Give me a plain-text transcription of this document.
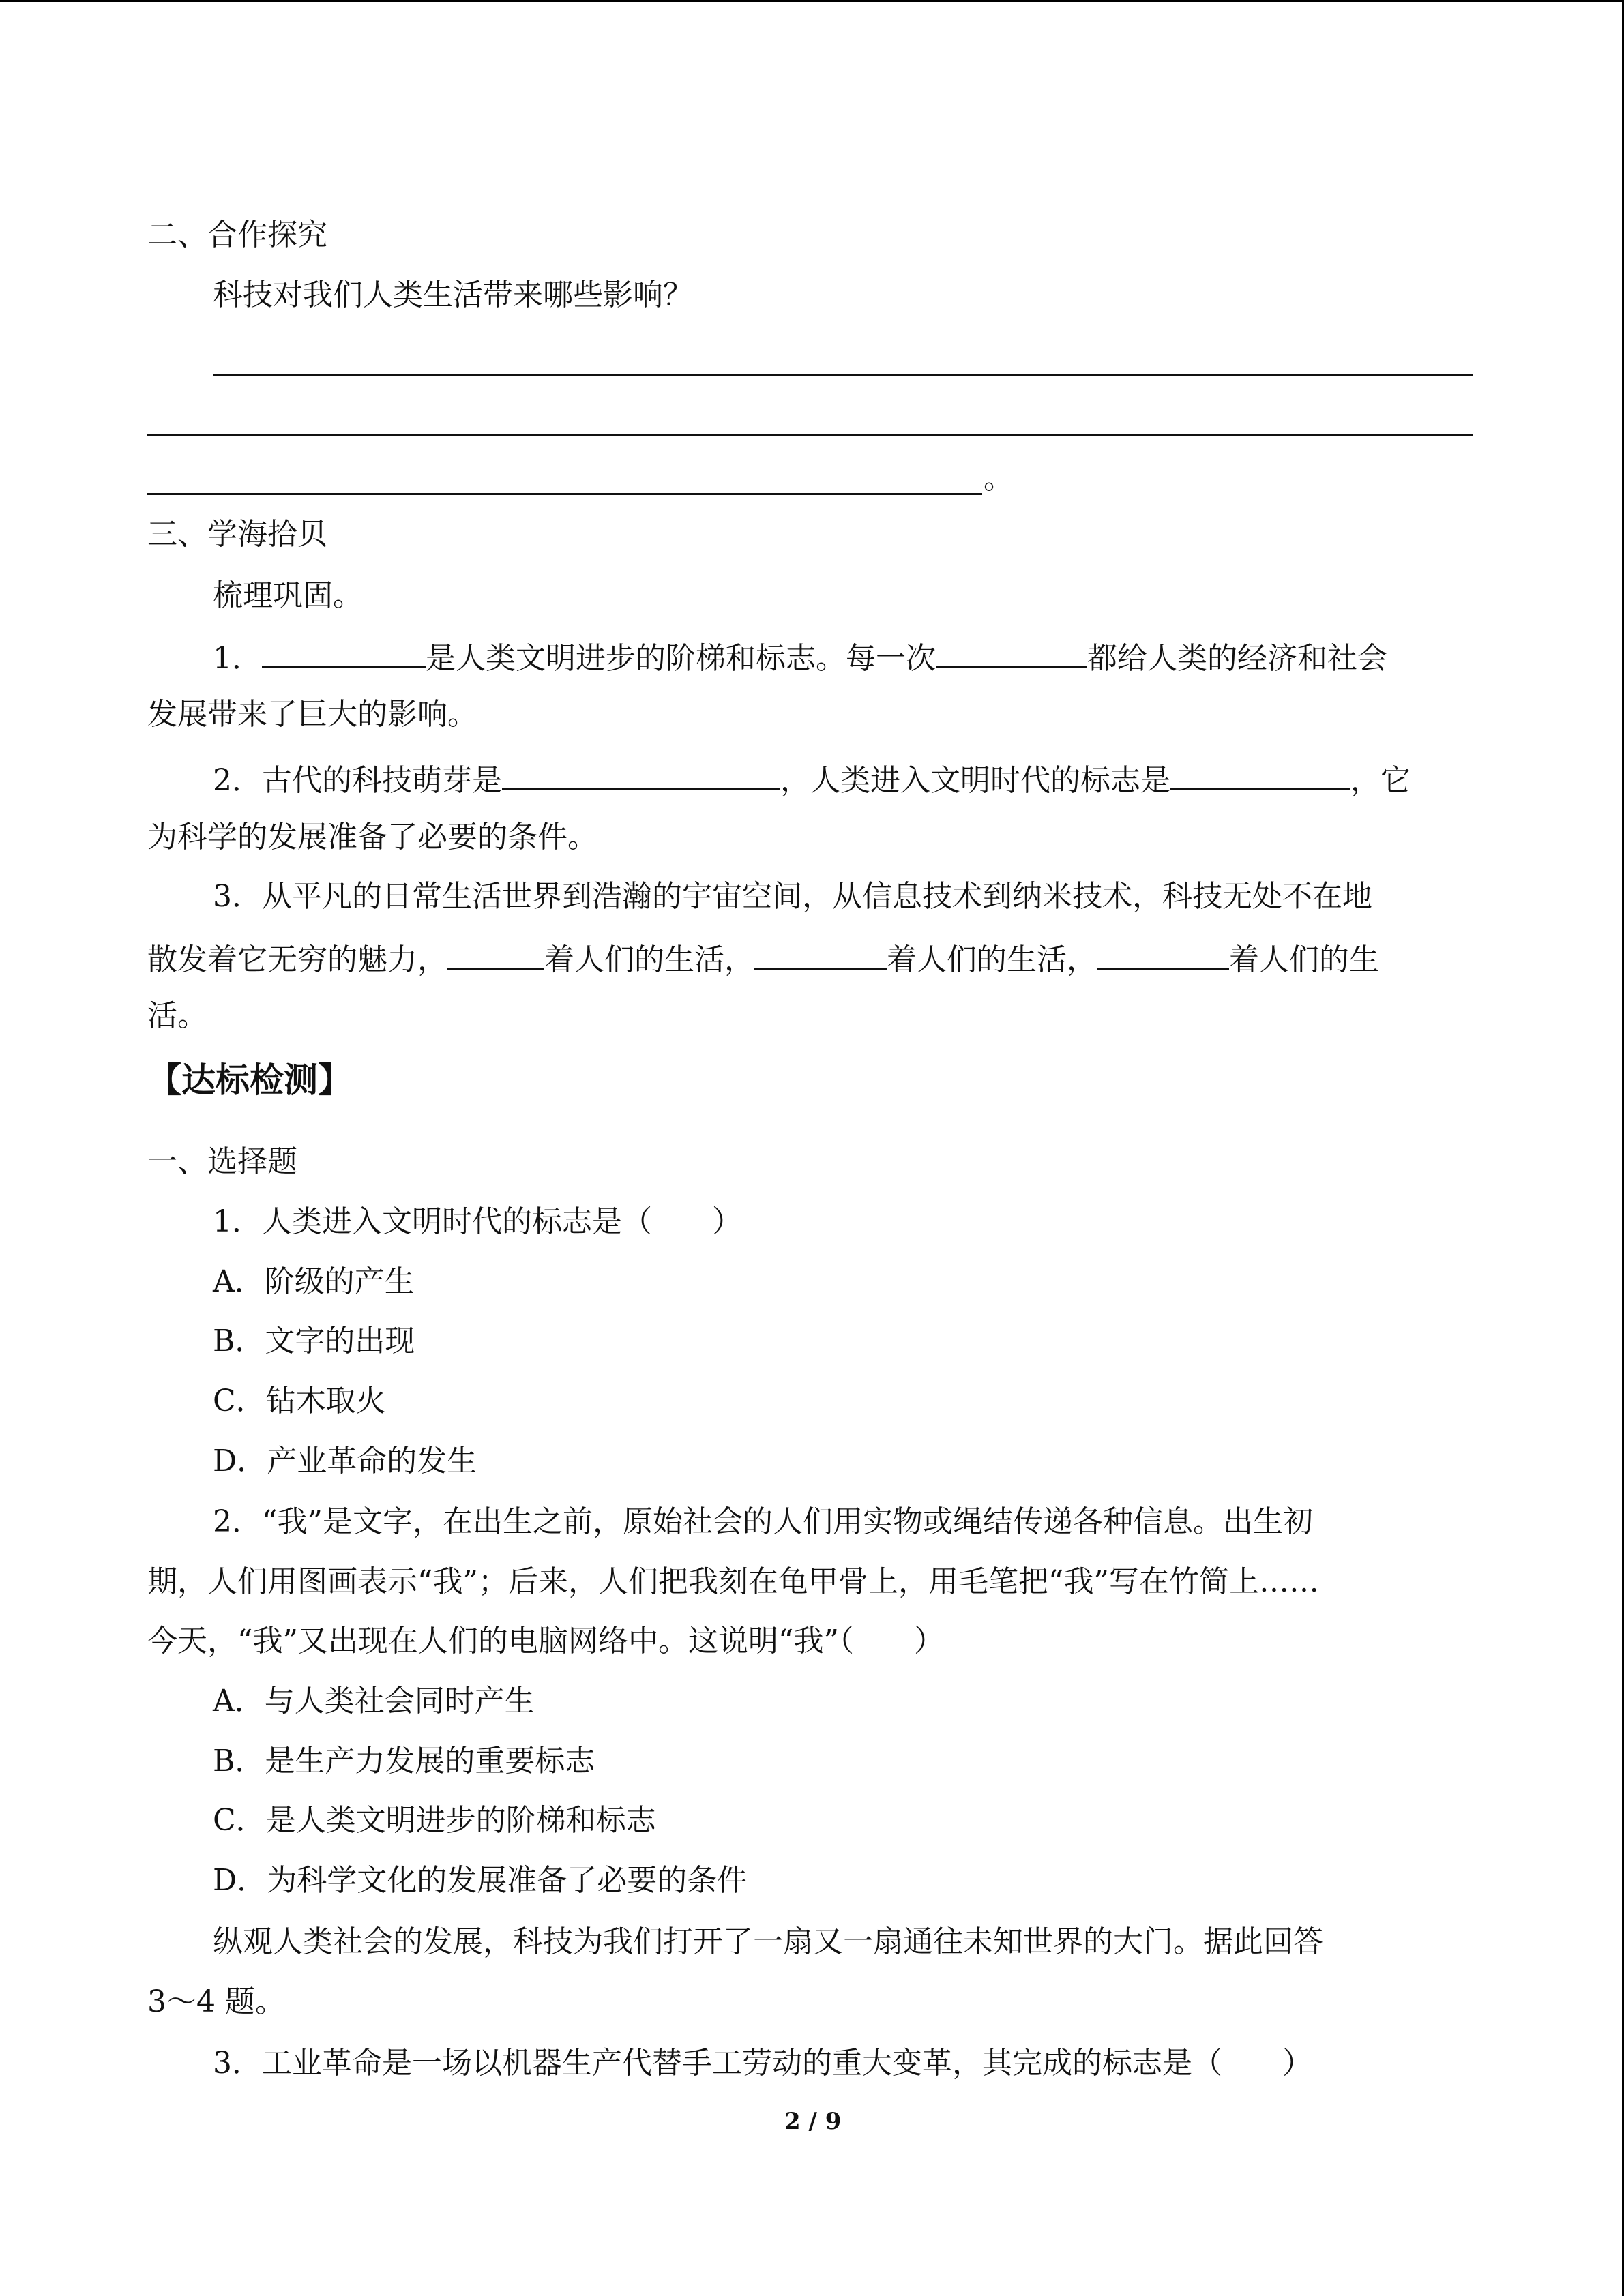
二、合作探究
科技对我们人类生活带来哪些影响？
。
三、学海拾贝
梳理巩固。
1．	是人类文明进步的阶梯和标志。每一次	都给人类的经济和社会
发展带来了巨大的影响。
2．古代的科技萌芽是	，人类进入文明时代的标志是	，它
为科学的发展准备了必要的条件。
3．从平凡的日常生活世界到浩瀚的宇宙空间，从信息技术到纳米技术，科技无处不在地
散发着它无穷的魅力，	着人们的生活，	着人们的生活，	着人们的生
活。
【达标检测】
一、选择题
1．人类进入文明时代的标志是（　　）
A．阶级的产生
B．文字的出现
C．钻木取火
D．产业革命的发生
2．“我”是文字，在出生之前，原始社会的人们用实物或绳结传递各种信息。出生初
期，人们用图画表示“我”；后来，人们把我刻在龟甲骨上，用毛笔把“我”写在竹简上……
今天，“我”又出现在人们的电脑网络中。这说明“我”（　　）
A．与人类社会同时产生
B．是生产力发展的重要标志
C．是人类文明进步的阶梯和标志
D．为科学文化的发展准备了必要的条件
纵观人类社会的发展，科技为我们打开了一扇又一扇通往未知世界的大门。据此回答
3～4 题。
3．工业革命是一场以机器生产代替手工劳动的重大变革，其完成的标志是（　　）
2 / 9
